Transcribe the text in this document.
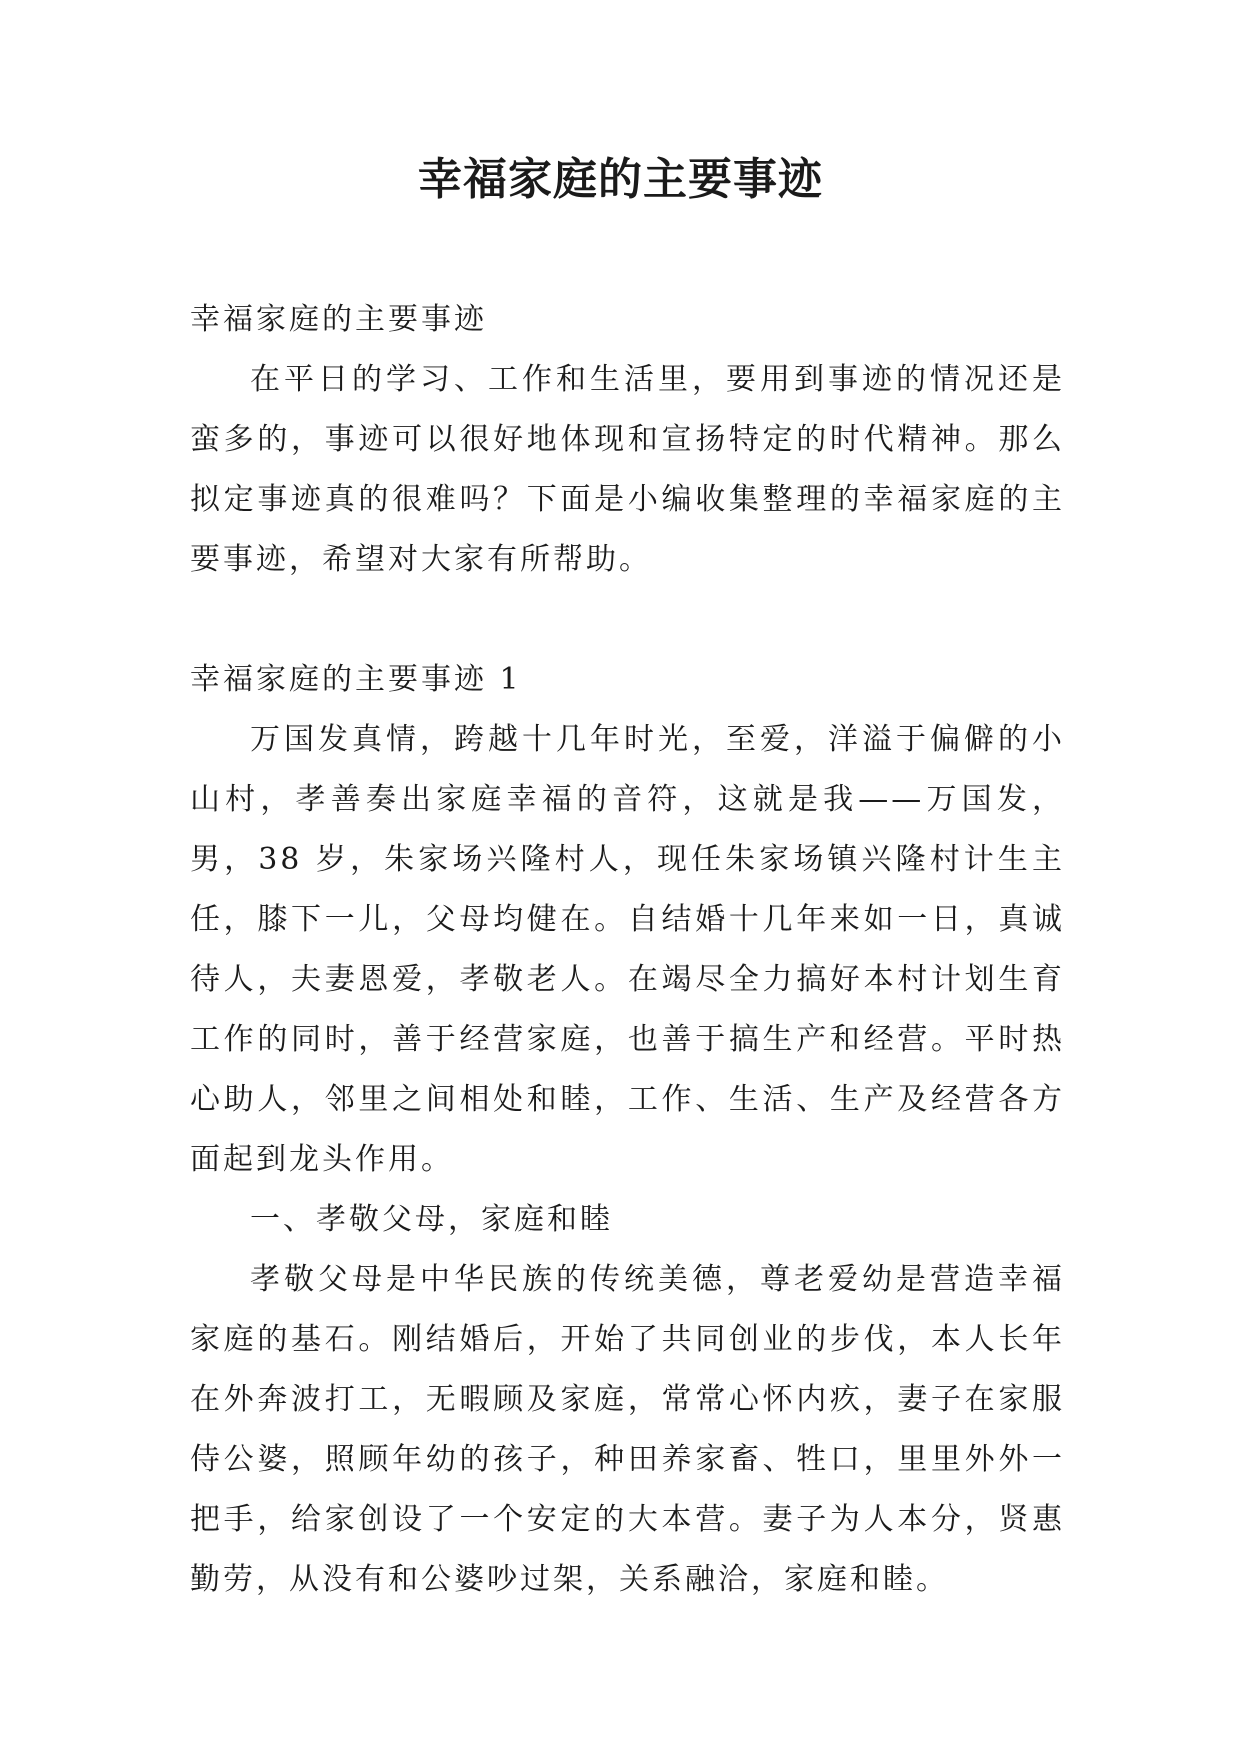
幸福家庭的主要事迹

幸福家庭的主要事迹

在平日的学习、工作和生活里，要用到事迹的情况还是蛮多的，事迹可以很好地体现和宣扬特定的时代精神。那么拟定事迹真的很难吗？下面是小编收集整理的幸福家庭的主要事迹，希望对大家有所帮助。

幸福家庭的主要事迹 1

万国发真情，跨越十几年时光，至爱，洋溢于偏僻的小山村，孝善奏出家庭幸福的音符，这就是我——万国发，男，38 岁，朱家场兴隆村人，现任朱家场镇兴隆村计生主任，膝下一儿，父母均健在。自结婚十几年来如一日，真诚待人，夫妻恩爱，孝敬老人。在竭尽全力搞好本村计划生育工作的同时，善于经营家庭，也善于搞生产和经营。平时热心助人，邻里之间相处和睦，工作、生活、生产及经营各方面起到龙头作用。

一、孝敬父母，家庭和睦

孝敬父母是中华民族的传统美德，尊老爱幼是营造幸福家庭的基石。刚结婚后，开始了共同创业的步伐，本人长年在外奔波打工，无暇顾及家庭，常常心怀内疚，妻子在家服侍公婆，照顾年幼的孩子，种田养家畜、牲口，里里外外一把手，给家创设了一个安定的大本营。妻子为人本分，贤惠勤劳，从没有和公婆吵过架，关系融洽，家庭和睦。
